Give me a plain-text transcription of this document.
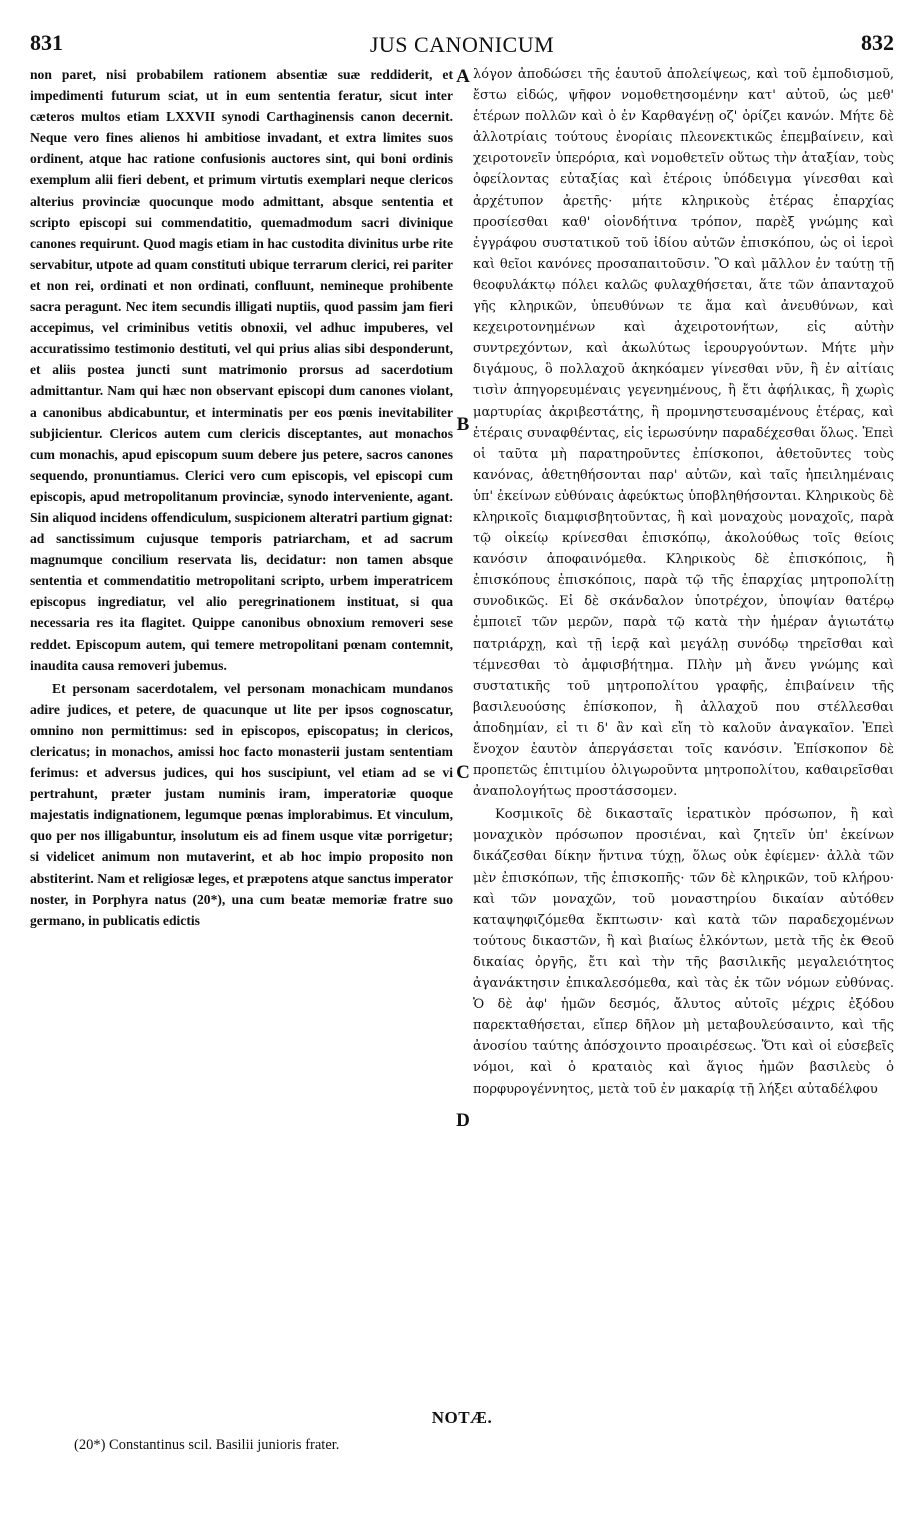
831	JUS CANONICUM	832

non paret, nisi probabilem rationem absentiæ suæ reddiderit, et impedimenti futurum sciat, ut in eum sententia feratur, sicut inter cæteros multos etiam LXXVII synodi Carthaginensis canon decernit. Neque vero fines alienos hi ambitiose invadant, et extra limites suos ordinent, atque hac ratione confusionis auctores sint, qui boni ordinis exemplum alii fieri debent, et primum virtutis exemplari neque clericos alterius provinciæ quocunque modo admittant, absque sententia et scripto episcopi sui commendatitio, quemadmodum sacri divinique canones requirunt. Quod magis etiam in hac custodita divinitus urbe rite servabitur, utpote ad quam constituti ubique terrarum clerici, rei pariter et non rei, ordinati et non ordinati, confluunt, nemineque prohibente sacra peragunt. Nec item secundis illigati nuptiis, quod passim jam fieri accepimus, vel criminibus vetitis obnoxii, vel adhuc impuberes, vel accuratissimo testimonio destituti, vel qui prius alias sibi desponderunt, et aliis postea juncti sunt matrimonio prorsus ad sacerdotium admittantur. Nam qui hæc non observant episcopi dum canones violant, a canonibus abdicabuntur, et interminatis per eos pœnis inevitabiliter subjicientur. Clericos autem cum clericis disceptantes, aut monachos cum monachis, apud episcopum suum debere jus petere, sacros canones sequendo, pronuntiamus. Clerici vero cum episcopis, vel episcopi cum episcopis, apud metropolitanum provinciæ, synodo interveniente, agant. Sin aliquod incidens offendiculum, suspicionem alteratri partium gignat: ad sanctissimum cujusque temporis patriarcham, et ad sacrum magnumque concilium reservata lis, decidatur: non tamen absque sententia et commendatitio metropolitani scripto, urbem imperatricem episcopus ingrediatur, vel alio peregrinationem instituat, si qua necessaria res ita flagitet. Quippe canonibus obnoxium removeri sese reddet. Episcopum autem, qui temere metropolitani pœnam contemnit, inaudita causa removeri jubemus.

Et personam sacerdotalem, vel personam monachicam mundanos adire judices, et petere, de quacunque ut lite per ipsos cognoscatur, omnino non permittimus: sed in episcopos, episcopatus; in clericos, clericatus; in monachos, amissi hoc facto monasterii justam sententiam ferimus: et adversus judices, qui hos suscipiunt, vel etiam ad se vi pertrahunt, præter justam numinis iram, imperatoriæ quoque majestatis indignationem, legumque pœnas implorabimus. Et vinculum, quo per nos illigabuntur, insolutum eis ad finem usque vitæ porrigetur; si videlicet animum non mutaverint, et ab hoc impio proposito non abstiterint. Nam et religiosæ leges, et præpotens atque sanctus imperator noster, in Porphyra natus (20*), una cum beatæ memoriæ fratre suo germano, in publicatis edictis

A
B
C
D

λόγον ἀποδώσει τῆς ἑαυτοῦ ἀπολείψεως, καὶ τοῦ ἐμποδισμοῦ, ἔστω εἰδώς, ψῆφον νομοθετησομένην κατ' αὐτοῦ, ὡς μεθ' ἑτέρων πολλῶν καὶ ὁ ἐν Καρθαγένῃ οζ' ὁρίζει κανών. Μήτε δὲ ἀλλοτρίαις τούτους ἐνορίαις πλεονεκτικῶς ἐπεμβαίνειν, καὶ χειροτονεῖν ὑπερόρια, καὶ νομοθετεῖν οὕτως τὴν ἀταξίαν, τοὺς ὀφείλοντας εὐταξίας καὶ ἑτέροις ὑπόδειγμα γίνεσθαι καὶ ἀρχέτυπον ἀρετῆς· μήτε κληρικοὺς ἑτέρας ἐπαρχίας προσίεσθαι καθ' οἱονδήτινα τρόπον, παρὲξ γνώμης καὶ ἐγγράφου συστατικοῦ τοῦ ἰδίου αὐτῶν ἐπισκόπου, ὡς οἱ ἱεροὶ καὶ θεῖοι κανόνες προσαπαιτοῦσιν. Ὃ καὶ μᾶλλον ἐν ταύτῃ τῇ θεοφυλάκτῳ πόλει καλῶς φυλαχθήσεται, ἅτε τῶν ἁπανταχοῦ γῆς κληρικῶν, ὑπευθύνων τε ἅμα καὶ ἀνευθύνων, καὶ κεχειροτονημένων καὶ ἀχειροτονήτων, εἰς αὐτὴν συντρεχόντων, καὶ ἀκωλύτως ἱερουργούντων. Μήτε μὴν διγάμους, ὃ πολλαχοῦ ἀκηκόαμεν γίνεσθαι νῦν, ἢ ἐν αἰτίαις τισὶν ἀπηγορευμέναις γεγενημένους, ἢ ἔτι ἀφήλικας, ἢ χωρὶς μαρτυρίας ἀκριβεστάτης, ἢ προμνηστευσαμένους ἑτέρας, καὶ ἑτέραις συναφθέντας, εἰς ἱερωσύνην παραδέχεσθαι ὅλως. Ἐπεὶ οἱ ταῦτα μὴ παρατηροῦντες ἐπίσκοποι, ἀθετοῦντες τοὺς κανόνας, ἀθετηθήσονται παρ' αὐτῶν, καὶ ταῖς ἠπειλημέναις ὑπ' ἐκείνων εὐθύναις ἀφεύκτως ὑποβληθήσονται. Κληρικοὺς δὲ κληρικοῖς διαμφισβητοῦντας, ἢ καὶ μοναχοὺς μοναχοῖς, παρὰ τῷ οἰκείῳ κρίνεσθαι ἐπισκόπῳ, ἀκολούθως τοῖς θείοις κανόσιν ἀποφαινόμεθα. Κληρικοὺς δὲ ἐπισκόποις, ἢ ἐπισκόπους ἐπισκόποις, παρὰ τῷ τῆς ἐπαρχίας μητροπολίτῃ συνοδικῶς. Εἰ δὲ σκάνδαλον ὑποτρέχον, ὑποψίαν θατέρῳ ἐμποιεῖ τῶν μερῶν, παρὰ τῷ κατὰ τὴν ἡμέραν ἁγιωτάτῳ πατριάρχῃ, καὶ τῇ ἱερᾷ καὶ μεγάλῃ συνόδῳ τηρεῖσθαι καὶ τέμνεσθαι τὸ ἀμφισβήτημα. Πλὴν μὴ ἄνευ γνώμης καὶ συστατικῆς τοῦ μητροπολίτου γραφῆς, ἐπιβαίνειν τῆς βασιλευούσης ἐπίσκοπον, ἢ ἀλλαχοῦ που στέλλεσθαι ἀποδημίαν, εἰ τι δ' ἂν καὶ εἴη τὸ καλοῦν ἀναγκαῖον. Ἐπεὶ ἔνοχον ἑαυτὸν ἀπεργάσεται τοῖς κανόσιν. Ἐπίσκοπον δὲ προπετῶς ἐπιτιμίου ὀλιγωροῦντα μητροπολίτου, καθαιρεῖσθαι ἀναπολογήτως προστάσσομεν.

Κοσμικοῖς δὲ δικασταῖς ἱερατικὸν πρόσωπον, ἢ καὶ μοναχικὸν πρόσωπον προσιέναι, καὶ ζητεῖν ὑπ' ἐκείνων δικάζεσθαι δίκην ἥντινα τύχῃ, ὅλως οὐκ ἐφίεμεν· ἀλλὰ τῶν μὲν ἐπισκόπων, τῆς ἐπισκοπῆς· τῶν δὲ κληρικῶν, τοῦ κλήρου· καὶ τῶν μοναχῶν, τοῦ μοναστηρίου δικαίαν αὐτόθεν καταψηφιζόμεθα ἔκπτωσιν· καὶ κατὰ τῶν παραδεχομένων τούτους δικαστῶν, ἢ καὶ βιαίως ἑλκόντων, μετὰ τῆς ἐκ Θεοῦ δικαίας ὀργῆς, ἔτι καὶ τὴν τῆς βασιλικῆς μεγαλειότητος ἀγανάκτησιν ἐπικαλεσόμεθα, καὶ τὰς ἐκ τῶν νόμων εὐθύνας. Ὁ δὲ ἀφ' ἡμῶν δεσμός, ἄλυτος αὐτοῖς μέχρις ἐξόδου παρεκταθήσεται, εἴπερ δῆλον μὴ μεταβουλεύσαιντο, καὶ τῆς ἀνοσίου ταύτης ἀπόσχοιντο προαιρέσεως. Ὅτι καὶ οἱ εὐσεβεῖς νόμοι, καὶ ὁ κραταιὸς καὶ ἅγιος ἡμῶν βασιλεὺς ὁ πορφυρογέννητος, μετὰ τοῦ ἐν μακαρίᾳ τῇ λήξει αὐταδέλφου

NOTÆ.
(20*) Constantinus scil. Basilii junioris frater.
